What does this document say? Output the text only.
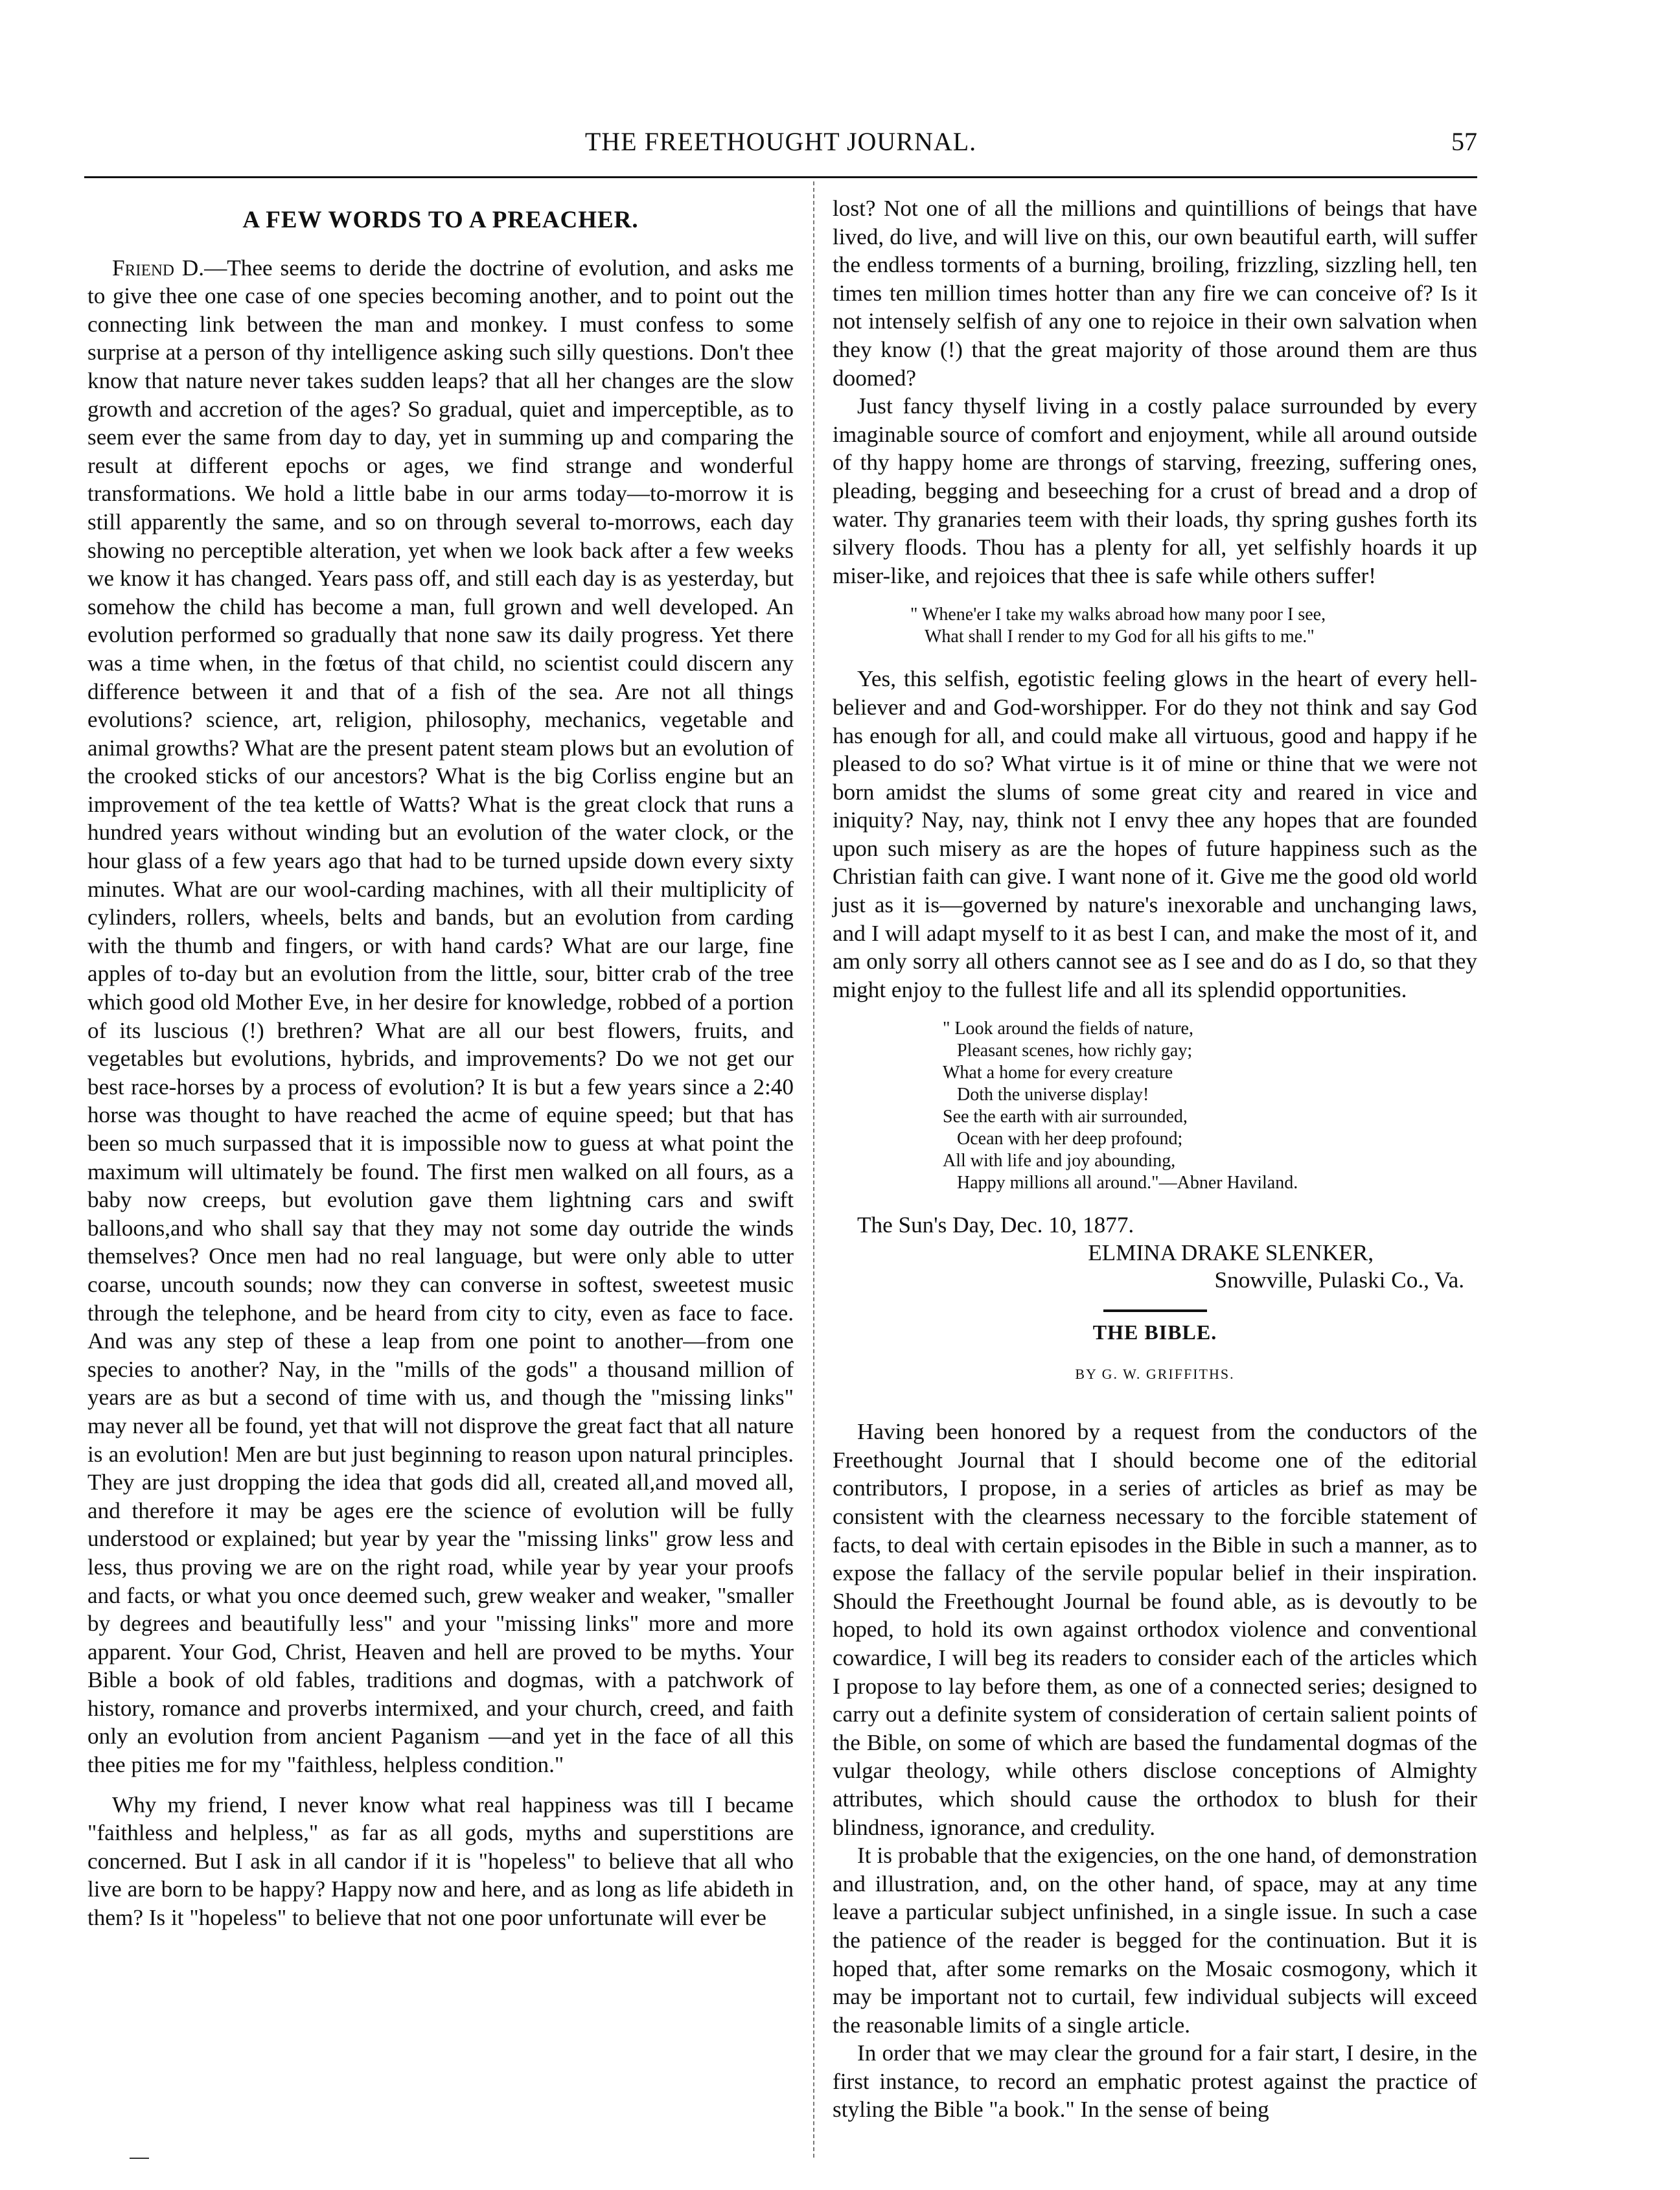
THE FREETHOUGHT JOURNAL.	57
A FEW WORDS TO A PREACHER.

Friend D.—Thee seems to deride the doctrine of evolution, and asks me to give thee one case of one species becoming another, and to point out the connecting link between the man and monkey. I must confess to some surprise at a person of thy intelligence asking such silly questions. Don't thee know that nature never takes sudden leaps? that all her changes are the slow growth and accretion of the ages? So gradual, quiet and imperceptible, as to seem ever the same from day to day, yet in summing up and comparing the result at different epochs or ages, we find strange and wonderful transformations. We hold a little babe in our arms today—to-morrow it is still apparently the same, and so on through several to-morrows, each day showing no perceptible alteration, yet when we look back after a few weeks we know it has changed. Years pass off, and still each day is as yesterday, but somehow the child has become a man, full grown and well developed. An evolution performed so gradually that none saw its daily progress. Yet there was a time when, in the fœtus of that child, no scientist could discern any difference between it and that of a fish of the sea. Are not all things evolutions? science, art, religion, philosophy, mechanics, vegetable and animal growths? What are the present patent steam plows but an evolution of the crooked sticks of our ancestors? What is the big Corliss engine but an improvement of the tea kettle of Watts? What is the great clock that runs a hundred years without winding but an evolution of the water clock, or the hour glass of a few years ago that had to be turned upside down every sixty minutes. What are our wool-carding machines, with all their multiplicity of cylinders, rollers, wheels, belts and bands, but an evolution from carding with the thumb and fingers, or with hand cards? What are our large, fine apples of to-day but an evolution from the little, sour, bitter crab of the tree which good old Mother Eve, in her desire for knowledge, robbed of a portion of its luscious (!) brethren? What are all our best flowers, fruits, and vegetables but evolutions, hybrids, and improvements? Do we not get our best race-horses by a process of evolution? It is but a few years since a 2:40 horse was thought to have reached the acme of equine speed; but that has been so much surpassed that it is impossible now to guess at what point the maximum will ultimately be found. The first men walked on all fours, as a baby now creeps, but evolution gave them lightning cars and swift balloons,and who shall say that they may not some day outride the winds themselves? Once men had no real language, but were only able to utter coarse, uncouth sounds; now they can converse in softest, sweetest music through the telephone, and be heard from city to city, even as face to face. And was any step of these a leap from one point to another—from one species to another? Nay, in the "mills of the gods" a thousand million of years are as but a second of time with us, and though the "missing links" may never all be found, yet that will not disprove the great fact that all nature is an evolution! Men are but just beginning to reason upon natural principles. They are just dropping the idea that gods did all, created all,and moved all, and therefore it may be ages ere the science of evolution will be fully understood or explained; but year by year the "missing links" grow less and less, thus proving we are on the right road, while year by year your proofs and facts, or what you once deemed such, grew weaker and weaker, "smaller by degrees and beautifully less" and your "missing links" more and more apparent. Your God, Christ, Heaven and hell are proved to be myths. Your Bible a book of old fables, traditions and dogmas, with a patchwork of history, romance and proverbs intermixed, and your church, creed, and faith only an evolution from ancient Paganism —and yet in the face of all this thee pities me for my "faithless, helpless condition."

Why my friend, I never know what real happiness was till I became "faithless and helpless," as far as all gods, myths and superstitions are concerned. But I ask in all candor if it is "hopeless" to believe that all who live are born to be happy? Happy now and here, and as long as life abideth in them? Is it "hopeless" to believe that not one poor unfortunate will ever be

lost? Not one of all the millions and quintillions of beings that have lived, do live, and will live on this, our own beautiful earth, will suffer the endless torments of a burning, broiling, frizzling, sizzling hell, ten times ten million times hotter than any fire we can conceive of? Is it not intensely selfish of any one to rejoice in their own salvation when they know (!) that the great majority of those around them are thus doomed?

Just fancy thyself living in a costly palace surrounded by every imaginable source of comfort and enjoyment, while all around outside of thy happy home are throngs of starving, freezing, suffering ones, pleading, begging and beseeching for a crust of bread and a drop of water. Thy granaries teem with their loads, thy spring gushes forth its silvery floods. Thou has a plenty for all, yet selfishly hoards it up miser-like, and rejoices that thee is safe while others suffer!

" Whene'er I take my walks abroad how many poor I see,
What shall I render to my God for all his gifts to me."

Yes, this selfish, egotistic feeling glows in the heart of every hell-believer and and God-worshipper. For do they not think and say God has enough for all, and could make all virtuous, good and happy if he pleased to do so? What virtue is it of mine or thine that we were not born amidst the slums of some great city and reared in vice and iniquity? Nay, nay, think not I envy thee any hopes that are founded upon such misery as are the hopes of future happiness such as the Christian faith can give. I want none of it. Give me the good old world just as it is—governed by nature's inexorable and unchanging laws, and I will adapt myself to it as best I can, and make the most of it, and am only sorry all others cannot see as I see and do as I do, so that they might enjoy to the fullest life and all its splendid opportunities.

" Look around the fields of nature,
Pleasant scenes, how richly gay;
What a home for every creature
Doth the universe display!
See the earth with air surrounded,
Ocean with her deep profound;
All with life and joy abounding,
Happy millions all around."—Abner Haviland.

The Sun's Day, Dec. 10, 1877.

ELMINA DRAKE SLENKER,
Snowville, Pulaski Co., Va.
THE BIBLE.
BY G. W. GRIFFITHS.

Having been honored by a request from the conductors of the Freethought Journal that I should become one of the editorial contributors, I propose, in a series of articles as brief as may be consistent with the clearness necessary to the forcible statement of facts, to deal with certain episodes in the Bible in such a manner, as to expose the fallacy of the servile popular belief in their inspiration. Should the Freethought Journal be found able, as is devoutly to be hoped, to hold its own against orthodox violence and conventional cowardice, I will beg its readers to consider each of the articles which I propose to lay before them, as one of a connected series; designed to carry out a definite system of consideration of certain salient points of the Bible, on some of which are based the fundamental dogmas of the vulgar theology, while others disclose conceptions of Almighty attributes, which should cause the orthodox to blush for their blindness, ignorance, and credulity.

It is probable that the exigencies, on the one hand, of demonstration and illustration, and, on the other hand, of space, may at any time leave a particular subject unfinished, in a single issue. In such a case the patience of the reader is begged for the continuation. But it is hoped that, after some remarks on the Mosaic cosmogony, which it may be important not to curtail, few individual subjects will exceed the reasonable limits of a single article.

In order that we may clear the ground for a fair start, I desire, in the first instance, to record an emphatic protest against the practice of styling the Bible "a book." In the sense of being
